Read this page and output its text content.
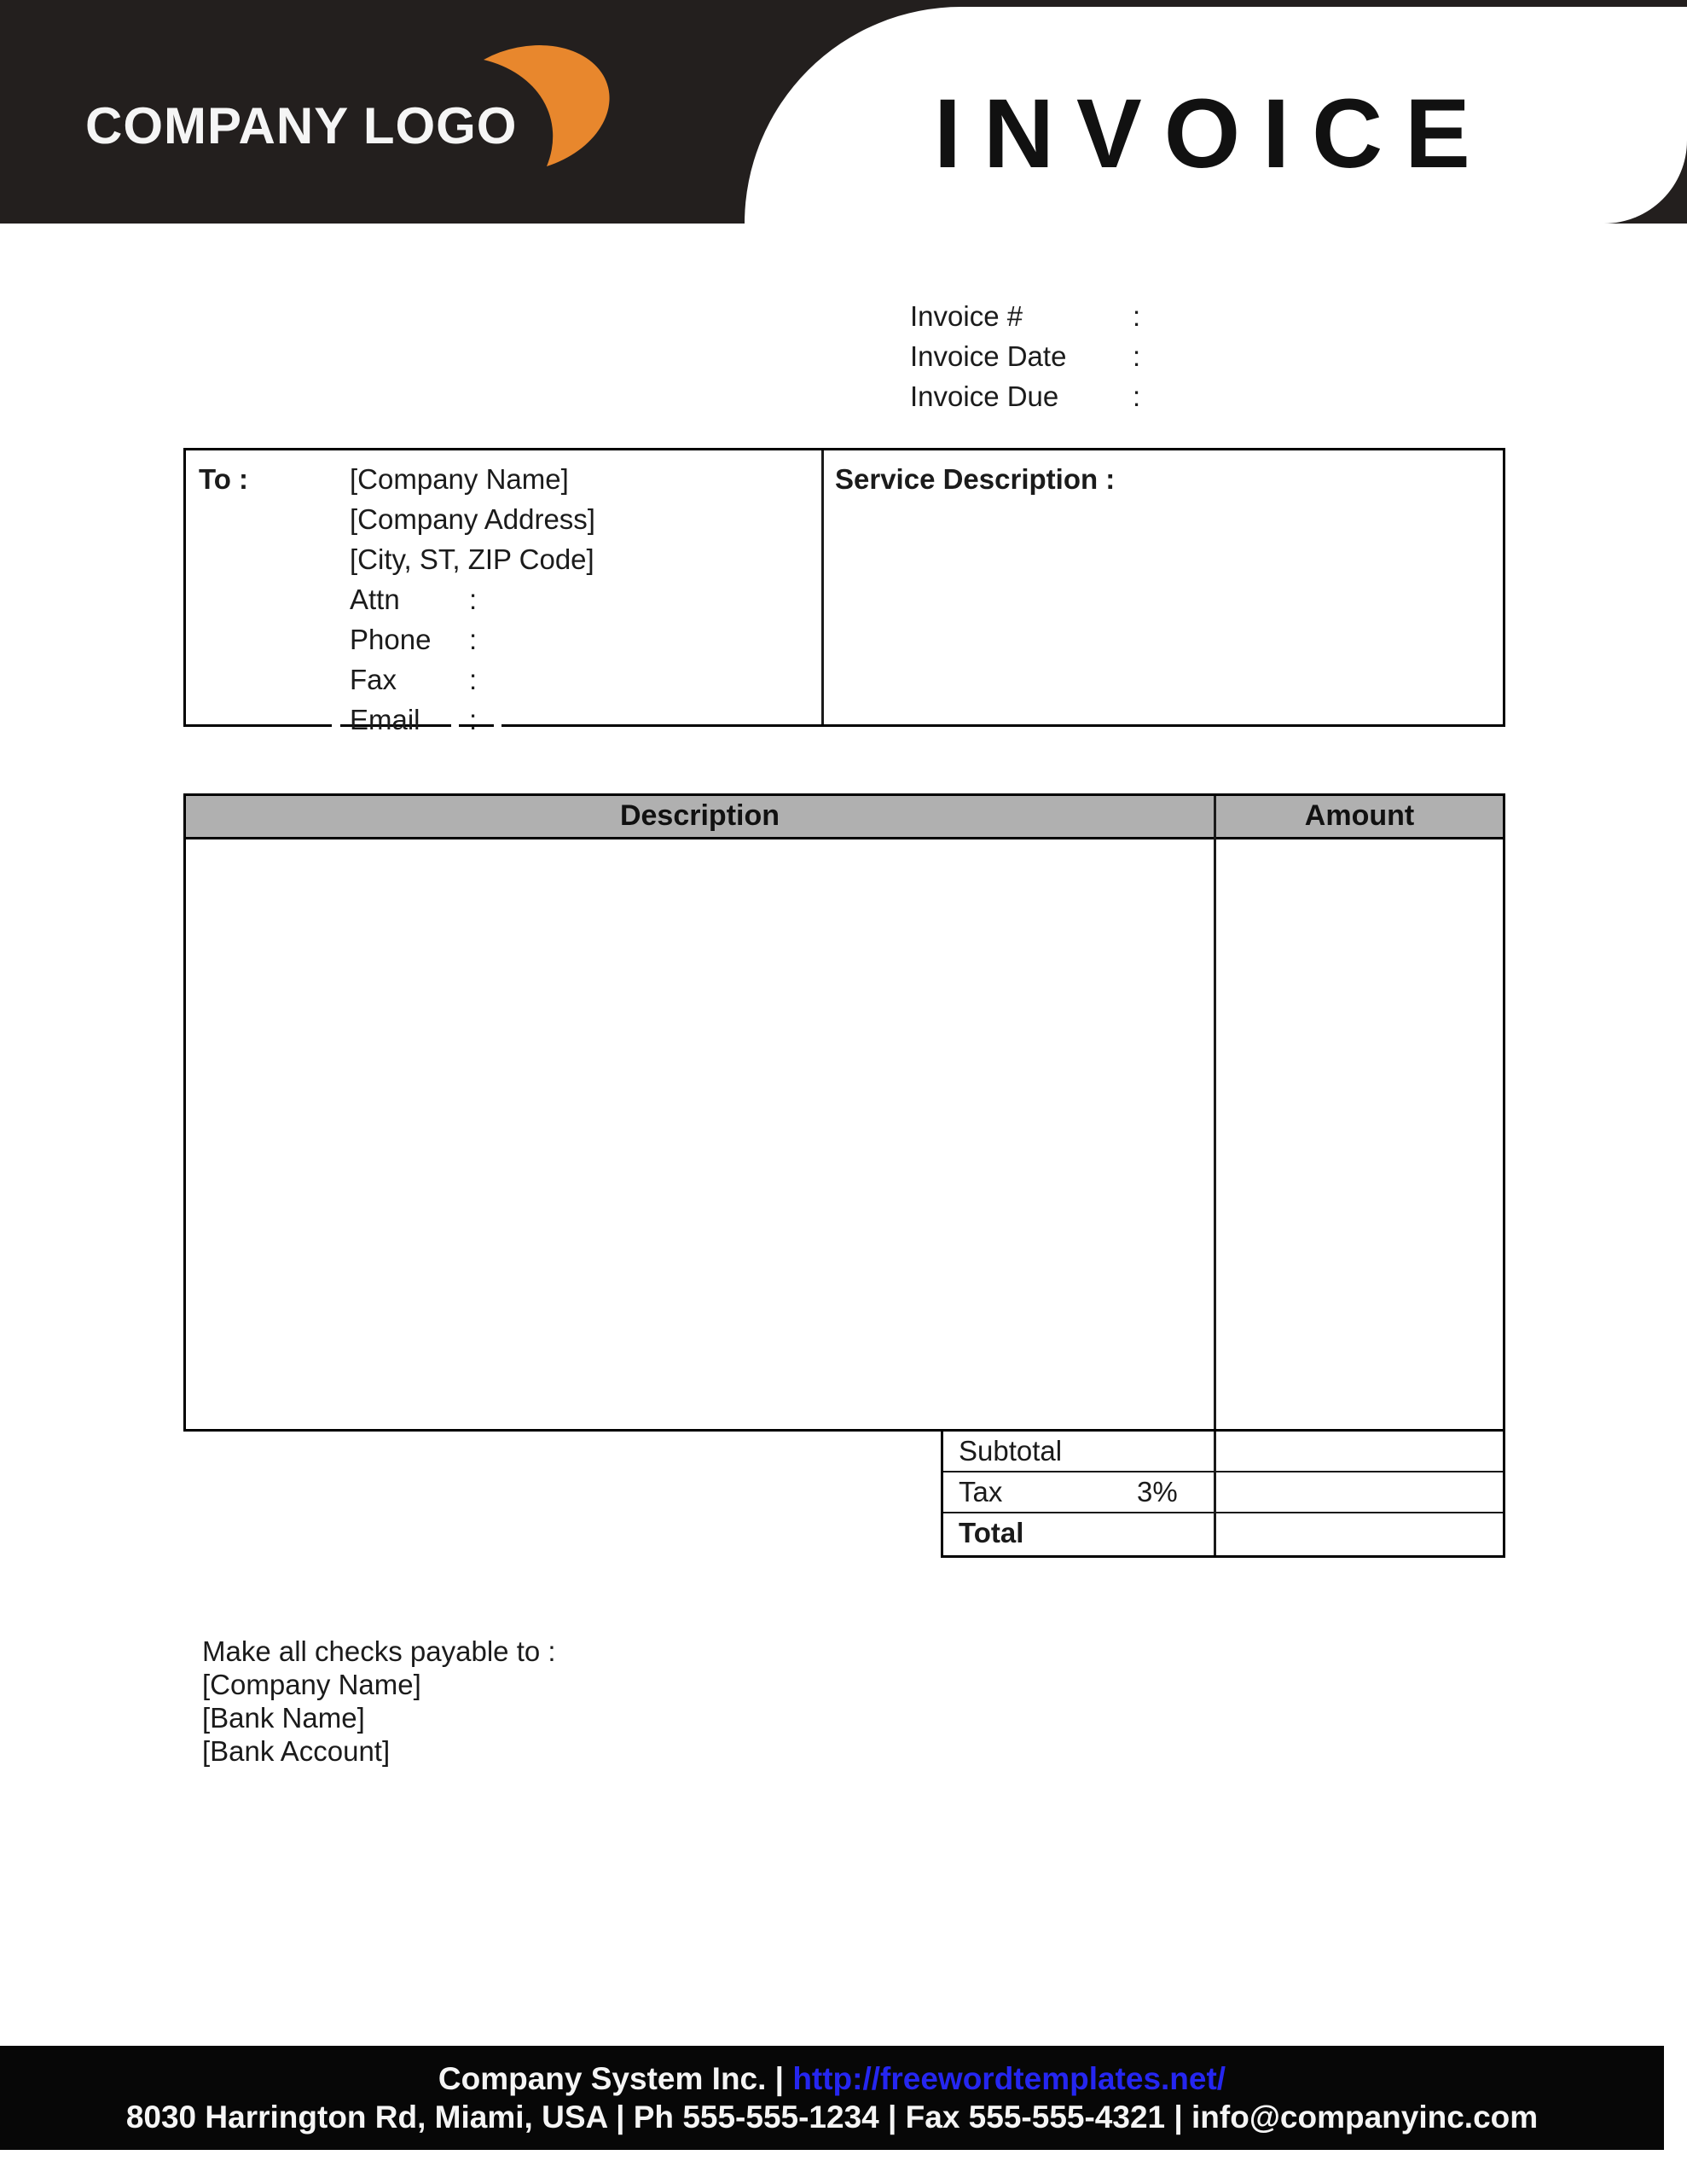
COMPANY LOGO	INVOICE
Invoice #	:
Invoice Date :
Invoice Due	:
To :	[Company Name]
[Company Address]
[City, ST, ZIP Code]
Attn :
Phone :
Fax	:
Email :
Service Description :
Description	Amount
Subtotal
Tax	3%
Total
Make all checks payable to :
[Company Name]
[Bank Name]
[Bank Account]
Company System Inc. | http://freewordtemplates.net/
8030 Harrington Rd, Miami, USA | Ph 555-555-1234 | Fax 555-555-4321 | info@companyinc.com
